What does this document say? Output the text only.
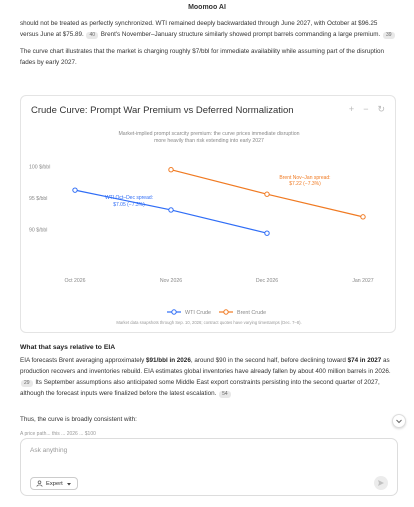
Moomoo AI

should not be treated as perfectly synchronized. WTI remained deeply backwardated through June 2027, with October at $96.25 versus June at $75.89. 40 Brent's November–January structure similarly showed prompt barrels commanding a large premium. 39

The curve chart illustrates that the market is charging roughly $7/bbl for immediate availability while assuming part of the disruption fades by early 2027.

Market-implied prompt scarcity premium: the curve prices immediate disruption
more heavily than risk extending into early 2027
90 $/bbl
95 $/bbl
100 $/bbl
Oct 2026	Nov 2026	Dec 2026	Jan 2027
WTI Oct–Dec spread:
$7.05 (−7.3%)
Brent Nov–Jan spread:
$7.22 (−7.3%)
WTI Crude	Brent Crude
Market data snapshots through Sep. 10, 2026; contract quotes have varying timestamps (Dec. 7–8).
Crude Curve: Prompt War Premium vs Deferred Normalization	+ − ↻
What that says relative to EIA

EIA forecasts Brent averaging approximately $91/bbl in 2026, around $90 in the second half, before declining toward $74 in 2027 as production recovers and inventories rebuild. EIA estimates global inventories have already fallen by about 400 million barrels in 2026. 29 Its September assumptions also anticipated some Middle East export constraints persisting into the second quarter of 2027, although the forecast inputs were finalized before the latest escalation. 54

Thus, the curve is broadly consistent with:
A price path... this ... 2026 ... $100
Ask anything
Expert
